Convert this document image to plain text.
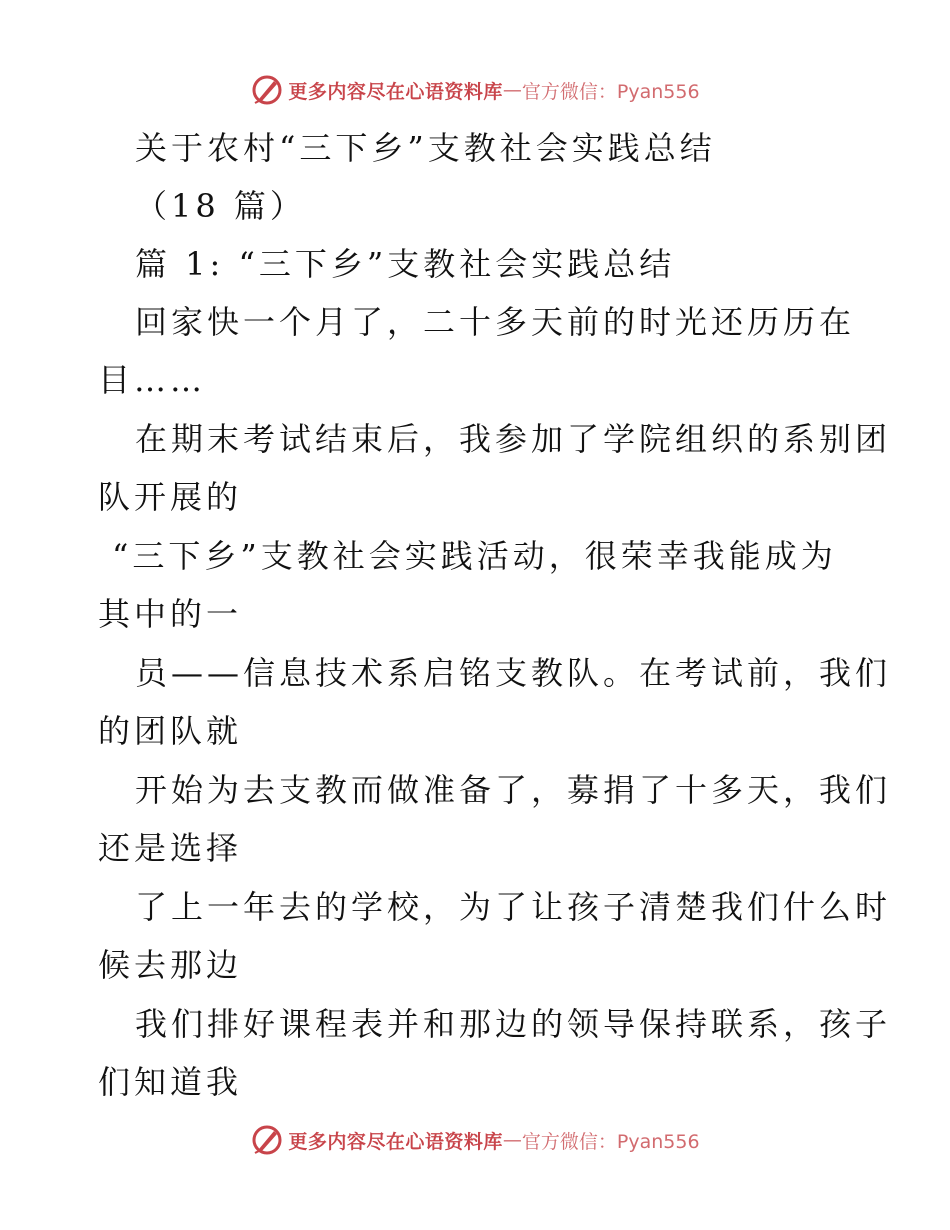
更多内容尽在心语资料库 — 官方微信：Pyan556
关于农村“三下乡”支教社会实践总结
（18 篇）
篇 1: “三下乡”支教社会实践总结
回家快一个月了，二十多天前的时光还历历在
目……
在期末考试结束后，我参加了学院组织的系别团
队开展的
“三下乡”支教社会实践活动，很荣幸我能成为
其中的一
员——信息技术系启铭支教队。在考试前，我们
的团队就
开始为去支教而做准备了，募捐了十多天，我们
还是选择
了上一年去的学校，为了让孩子清楚我们什么时
候去那边
我们排好课程表并和那边的领导保持联系，孩子
们知道我
更多内容尽在心语资料库 — 官方微信：Pyan556
